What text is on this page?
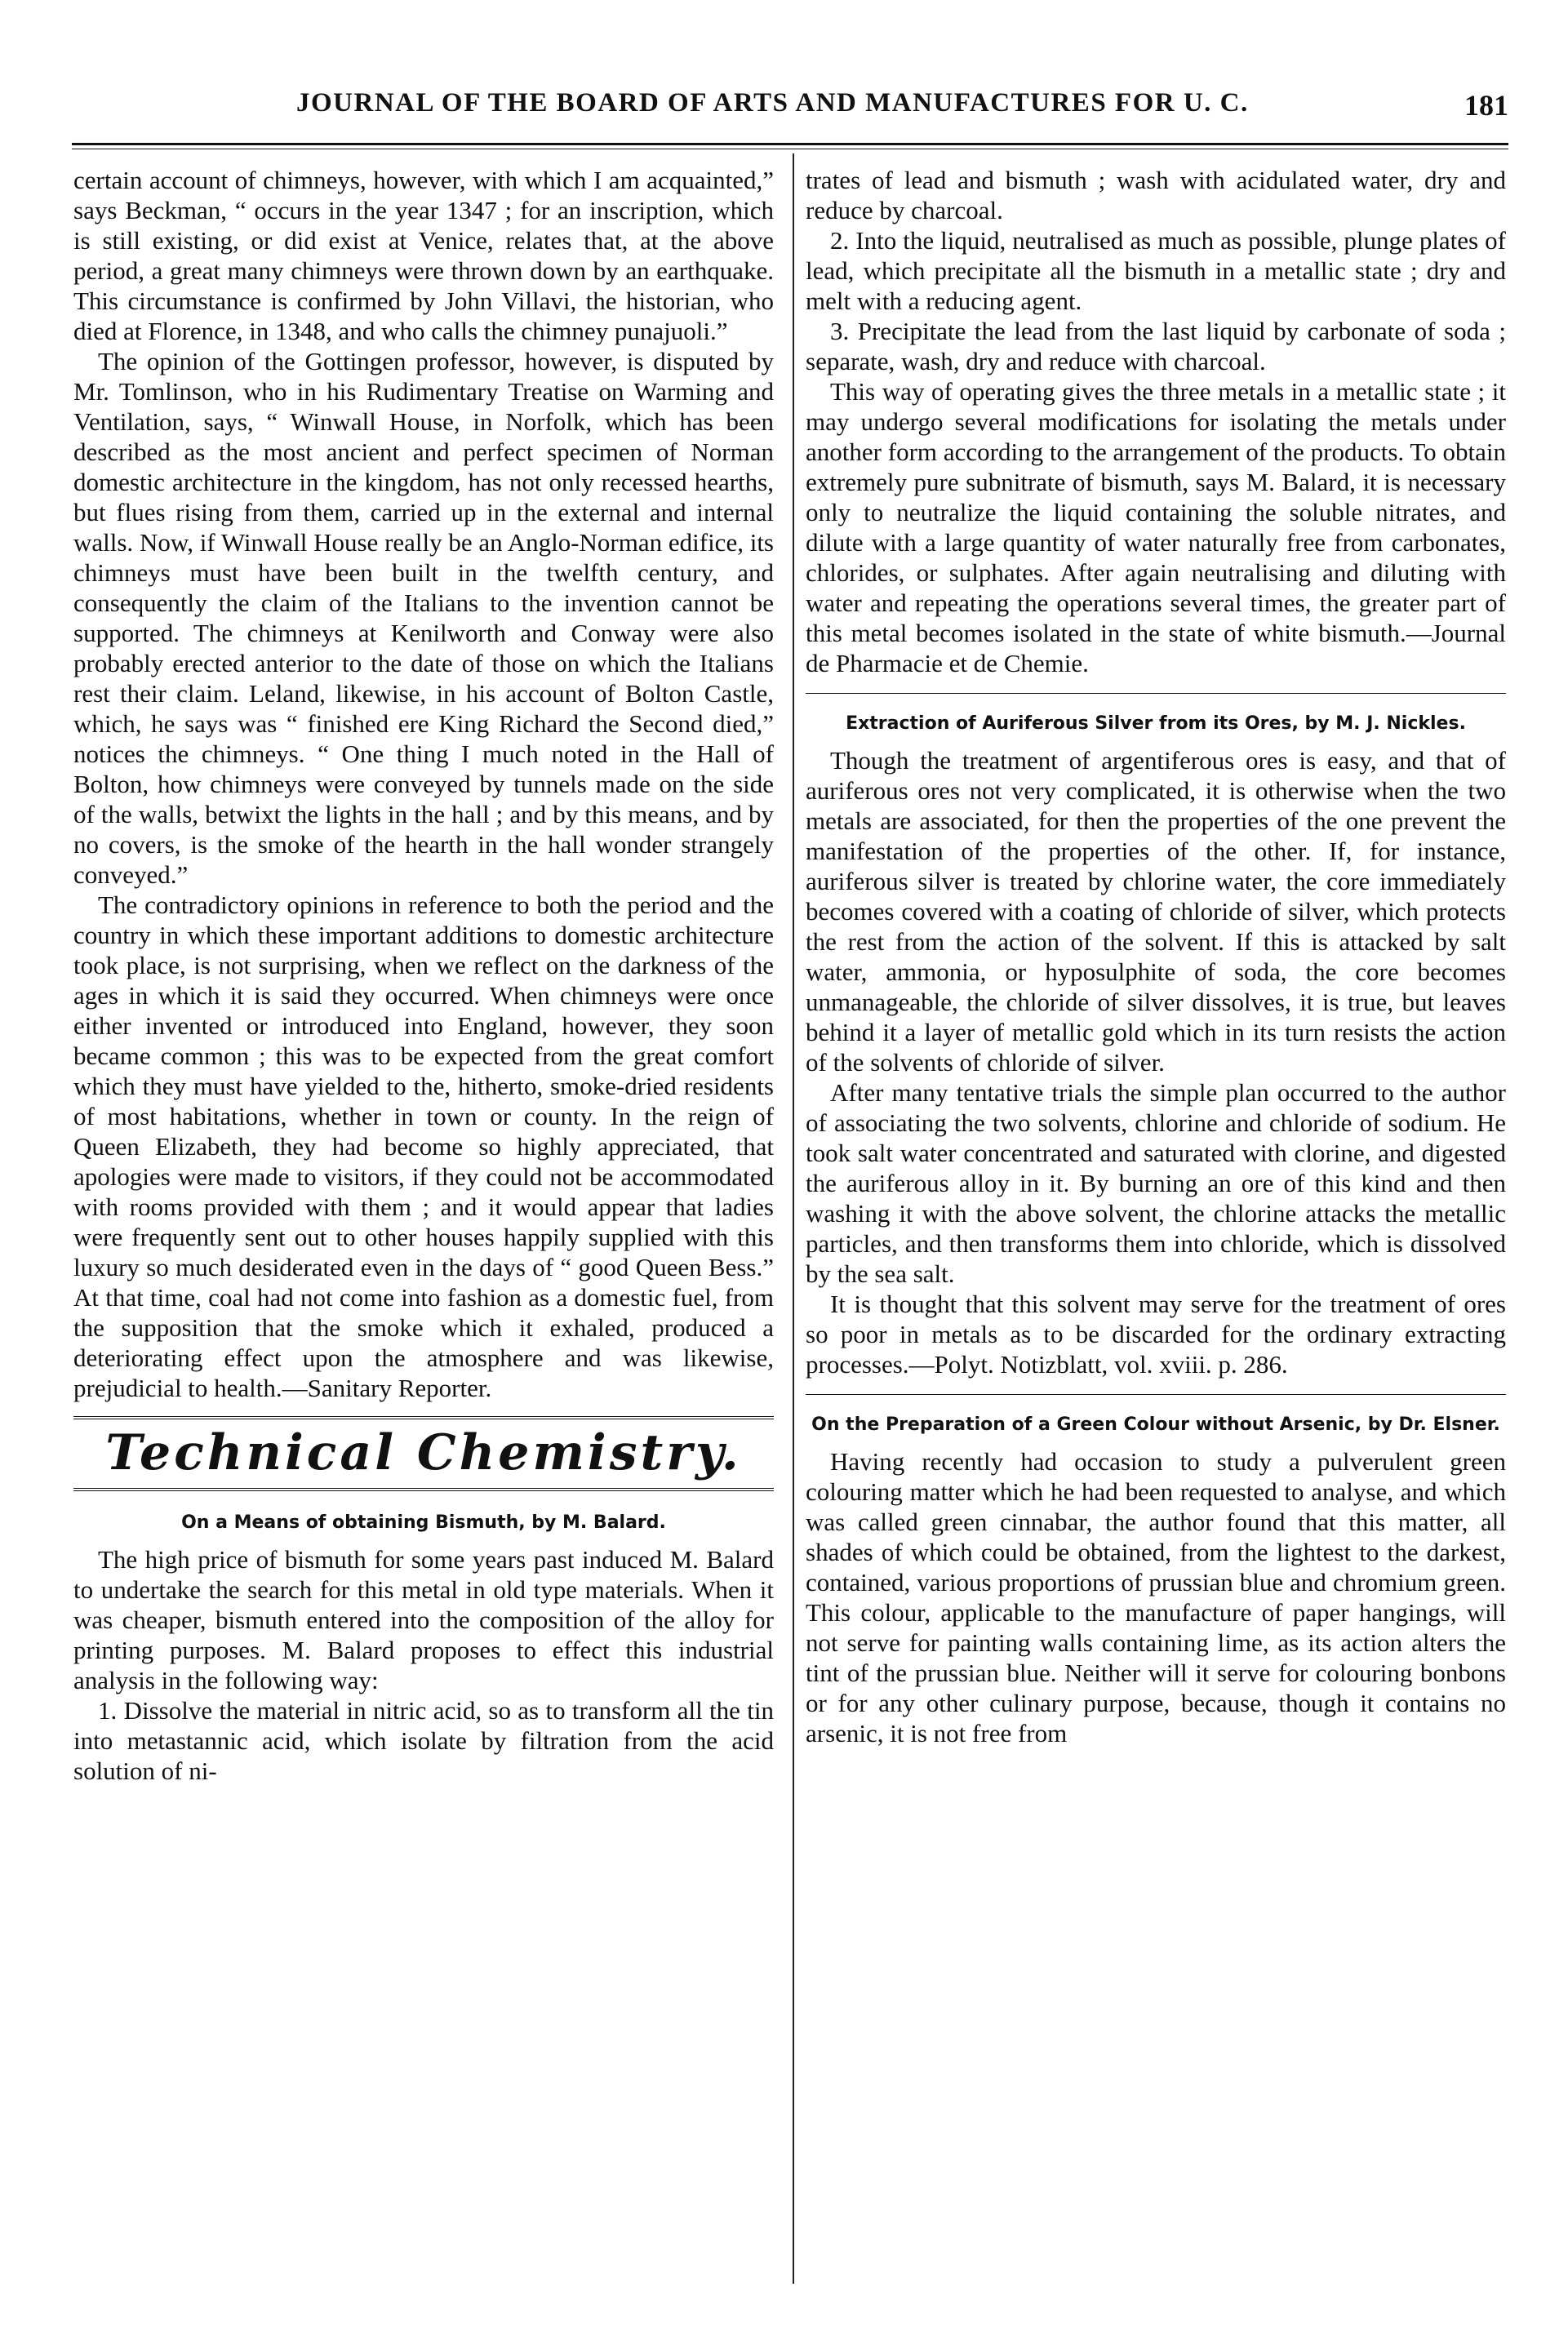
JOURNAL OF THE BOARD OF ARTS AND MANUFACTURES FOR U. C.	181

certain account of chimneys, however, with which I am acquainted,” says Beckman, “ occurs in the year 1347 ; for an inscription, which is still existing, or did exist at Venice, relates that, at the above period, a great many chimneys were thrown down by an earthquake. This circumstance is confirmed by John Villavi, the historian, who died at Florence, in 1348, and who calls the chimney punajuoli.”

The opinion of the Gottingen professor, however, is disputed by Mr. Tomlinson, who in his Rudimentary Treatise on Warming and Ventilation, says, “ Winwall House, in Norfolk, which has been described as the most ancient and perfect specimen of Norman domestic architecture in the kingdom, has not only recessed hearths, but flues rising from them, carried up in the external and internal walls. Now, if Winwall House really be an Anglo-Norman edifice, its chimneys must have been built in the twelfth century, and consequently the claim of the Italians to the invention cannot be supported. The chimneys at Kenilworth and Conway were also probably erected anterior to the date of those on which the Italians rest their claim. Leland, likewise, in his account of Bolton Castle, which, he says was “ finished ere King Richard the Second died,” notices the chimneys. “ One thing I much noted in the Hall of Bolton, how chimneys were conveyed by tunnels made on the side of the walls, betwixt the lights in the hall ; and by this means, and by no covers, is the smoke of the hearth in the hall wonder strangely conveyed.”

The contradictory opinions in reference to both the period and the country in which these important additions to domestic architecture took place, is not surprising, when we reflect on the darkness of the ages in which it is said they occurred. When chimneys were once either invented or introduced into England, however, they soon became common ; this was to be expected from the great comfort which they must have yielded to the, hitherto, smoke-dried residents of most habitations, whether in town or county. In the reign of Queen Elizabeth, they had become so highly appreciated, that apologies were made to visitors, if they could not be accommodated with rooms provided with them ; and it would appear that ladies were frequently sent out to other houses happily supplied with this luxury so much desiderated even in the days of “ good Queen Bess.” At that time, coal had not come into fashion as a domestic fuel, from the supposition that the smoke which it exhaled, produced a deteriorating effect upon the atmosphere and was likewise, prejudicial to health.—Sanitary Reporter.

Technical Chemistry.
On a Means of obtaining Bismuth, by M. Balard.

The high price of bismuth for some years past induced M. Balard to undertake the search for this metal in old type materials. When it was cheaper, bismuth entered into the composition of the alloy for printing purposes. M. Balard proposes to effect this industrial analysis in the following way:

1. Dissolve the material in nitric acid, so as to transform all the tin into metastannic acid, which isolate by filtration from the acid solution of ni-

trates of lead and bismuth ; wash with acidulated water, dry and reduce by charcoal.

2. Into the liquid, neutralised as much as possible, plunge plates of lead, which precipitate all the bismuth in a metallic state ; dry and melt with a reducing agent.

3. Precipitate the lead from the last liquid by carbonate of soda ; separate, wash, dry and reduce with charcoal.

This way of operating gives the three metals in a metallic state ; it may undergo several modifications for isolating the metals under another form according to the arrangement of the products. To obtain extremely pure subnitrate of bismuth, says M. Balard, it is necessary only to neutralize the liquid containing the soluble nitrates, and dilute with a large quantity of water naturally free from carbonates, chlorides, or sulphates. After again neutralising and diluting with water and repeating the operations several times, the greater part of this metal becomes isolated in the state of white bismuth.—Journal de Pharmacie et de Chemie.

Extraction of Auriferous Silver from its Ores, by M. J. Nickles.

Though the treatment of argentiferous ores is easy, and that of auriferous ores not very complicated, it is otherwise when the two metals are associated, for then the properties of the one prevent the manifestation of the properties of the other. If, for instance, auriferous silver is treated by chlorine water, the core immediately becomes covered with a coating of chloride of silver, which protects the rest from the action of the solvent. If this is attacked by salt water, ammonia, or hyposulphite of soda, the core becomes unmanageable, the chloride of silver dissolves, it is true, but leaves behind it a layer of metallic gold which in its turn resists the action of the solvents of chloride of silver.

After many tentative trials the simple plan occurred to the author of associating the two solvents, chlorine and chloride of sodium. He took salt water concentrated and saturated with clorine, and digested the auriferous alloy in it. By burning an ore of this kind and then washing it with the above solvent, the chlorine attacks the metallic particles, and then transforms them into chloride, which is dissolved by the sea salt.

It is thought that this solvent may serve for the treatment of ores so poor in metals as to be discarded for the ordinary extracting processes.—Polyt. Notizblatt, vol. xviii. p. 286.

On the Preparation of a Green Colour without Arsenic, by Dr. Elsner.

Having recently had occasion to study a pulverulent green colouring matter which he had been requested to analyse, and which was called green cinnabar, the author found that this matter, all shades of which could be obtained, from the lightest to the darkest, contained, various proportions of prussian blue and chromium green. This colour, applicable to the manufacture of paper hangings, will not serve for painting walls containing lime, as its action alters the tint of the prussian blue. Neither will it serve for colouring bonbons or for any other culinary purpose, because, though it contains no arsenic, it is not free from
